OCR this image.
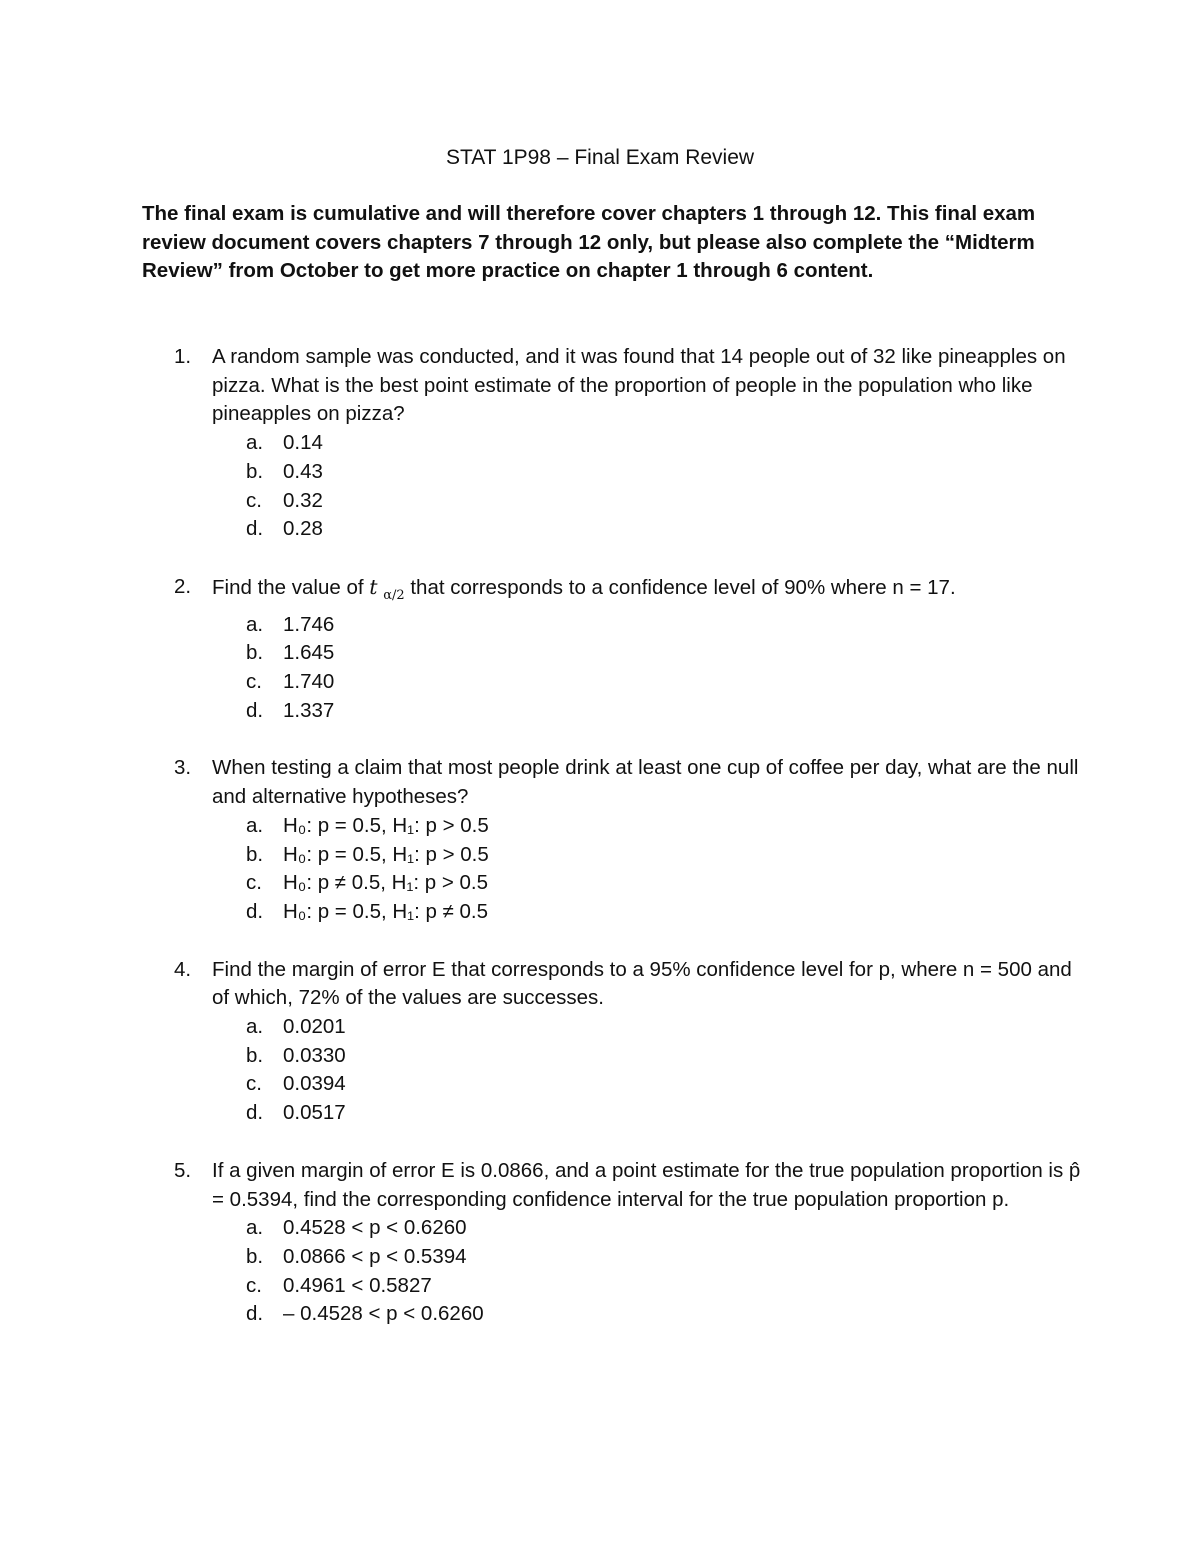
STAT 1P98 – Final Exam Review
The final exam is cumulative and will therefore cover chapters 1 through 12. This final exam review document covers chapters 7 through 12 only, but please also complete the “Midterm Review” from October to get more practice on chapter 1 through 6 content.
1. A random sample was conducted, and it was found that 14 people out of 32 like pineapples on pizza. What is the best point estimate of the proportion of people in the population who like pineapples on pizza?
a. 0.14
b. 0.43
c. 0.32
d. 0.28
2. Find the value of t $_{\alpha/2}$ that corresponds to a confidence level of 90% where n = 17.
a. 1.746
b. 1.645
c. 1.740
d. 1.337
3. When testing a claim that most people drink at least one cup of coffee per day, what are the null and alternative hypotheses?
a. H₀: p = 0.5, H₁: p > 0.5
b. H₀: p = 0.5, H₁: p > 0.5
c. H₀: p ≠ 0.5, H₁: p > 0.5
d. H₀: p = 0.5, H₁: p ≠ 0.5
4. Find the margin of error E that corresponds to a 95% confidence level for p, where n = 500 and of which, 72% of the values are successes.
a. 0.0201
b. 0.0330
c. 0.0394
d. 0.0517
5. If a given margin of error E is 0.0866, and a point estimate for the true population proportion is p̂ = 0.5394, find the corresponding confidence interval for the true population proportion p.
a. 0.4528 < p < 0.6260
b. 0.0866 < p < 0.5394
c. 0.4961 < 0.5827
d. – 0.4528 < p < 0.6260
